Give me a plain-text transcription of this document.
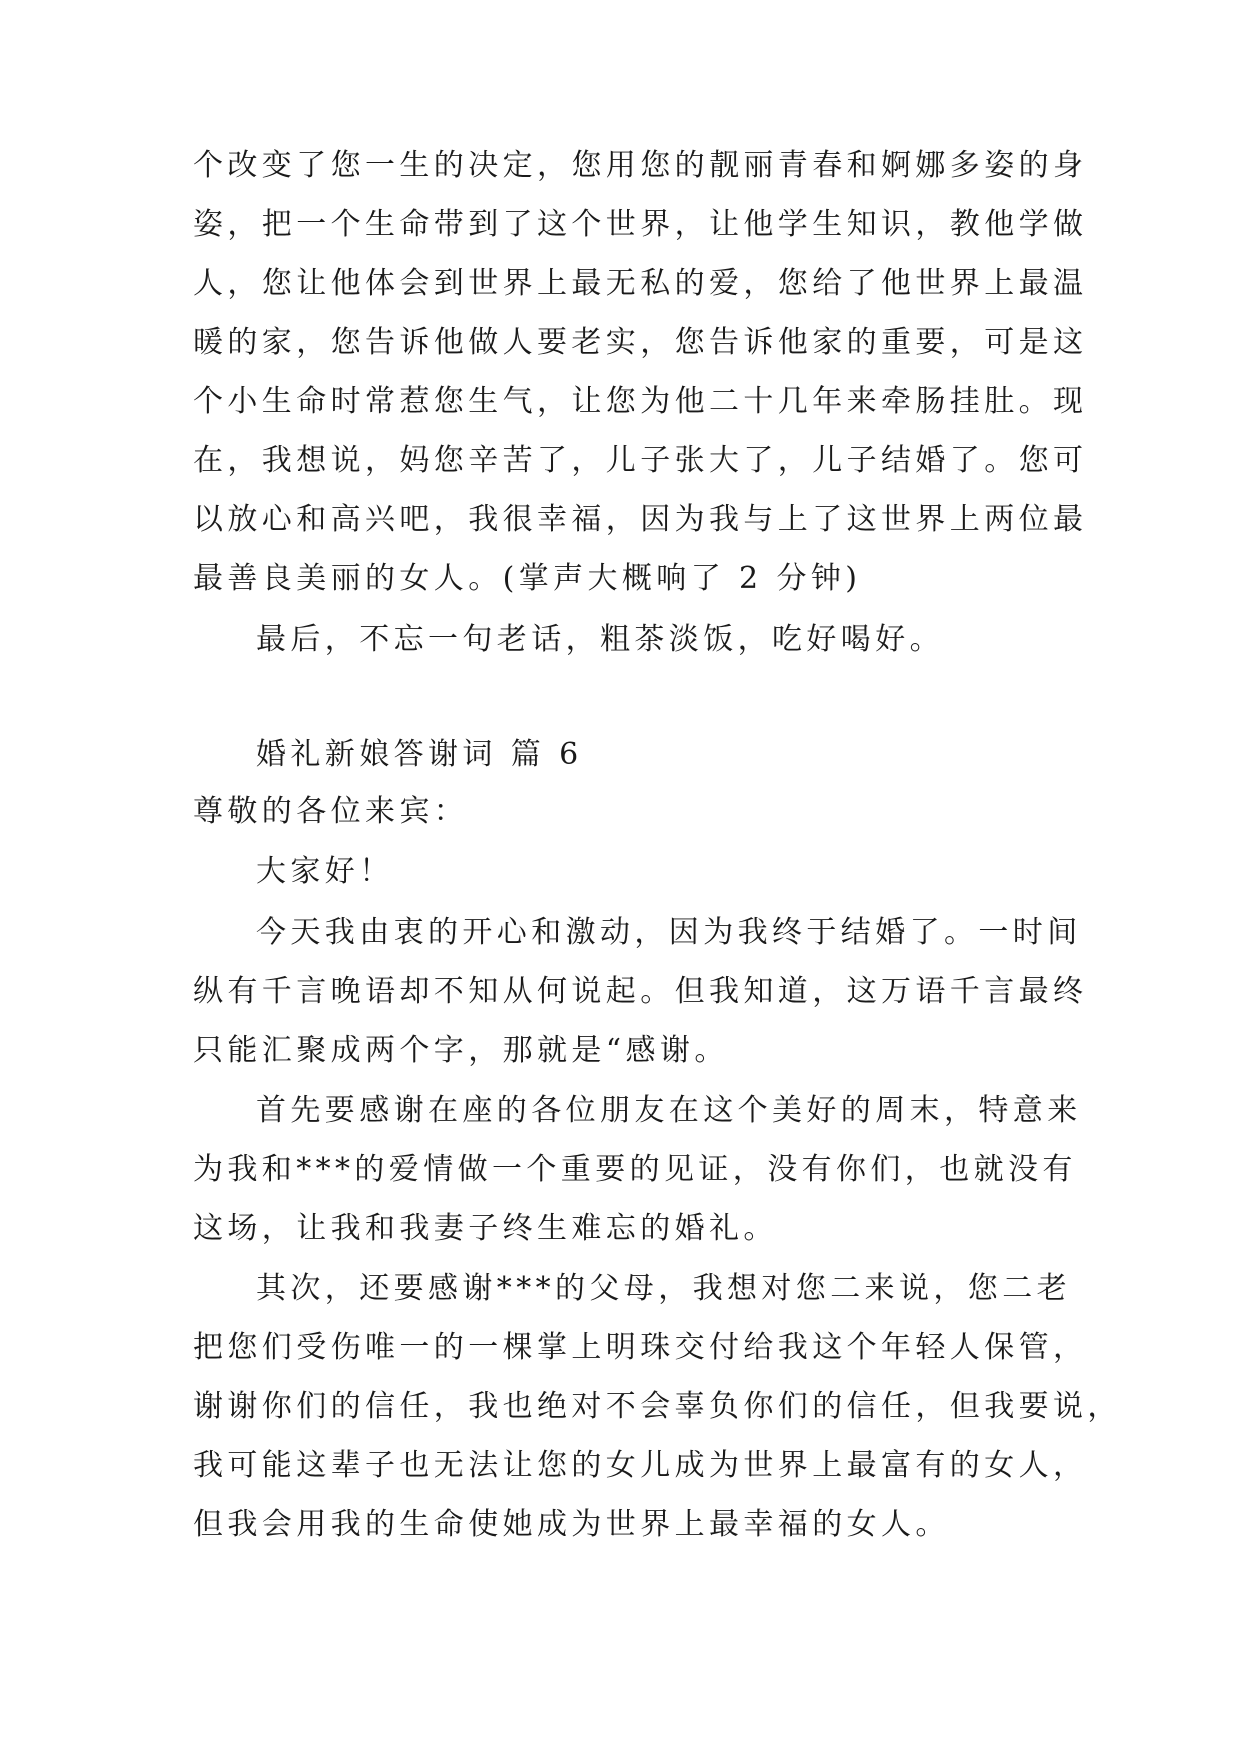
个改变了您一生的决定，您用您的靓丽青春和婀娜多姿的身
姿，把一个生命带到了这个世界，让他学生知识，教他学做
人，您让他体会到世界上最无私的爱，您给了他世界上最温
暖的家，您告诉他做人要老实，您告诉他家的重要，可是这
个小生命时常惹您生气，让您为他二十几年来牵肠挂肚。现
在，我想说，妈您辛苦了，儿子张大了，儿子结婚了。您可
以放心和高兴吧，我很幸福，因为我与上了这世界上两位最
最善良美丽的女人。(掌声大概响了 2 分钟)
最后，不忘一句老话，粗茶淡饭，吃好喝好。
婚礼新娘答谢词 篇 6
尊敬的各位来宾：
大家好！
今天我由衷的开心和激动，因为我终于结婚了。一时间
纵有千言晚语却不知从何说起。但我知道，这万语千言最终
只能汇聚成两个字，那就是“感谢。
首先要感谢在座的各位朋友在这个美好的周末，特意来
为我和***的爱情做一个重要的见证，没有你们，也就没有
这场，让我和我妻子终生难忘的婚礼。
其次，还要感谢***的父母，我想对您二来说，您二老
把您们受伤唯一的一棵掌上明珠交付给我这个年轻人保管，
谢谢你们的信任，我也绝对不会辜负你们的信任，但我要说，
我可能这辈子也无法让您的女儿成为世界上最富有的女人，
但我会用我的生命使她成为世界上最幸福的女人。
